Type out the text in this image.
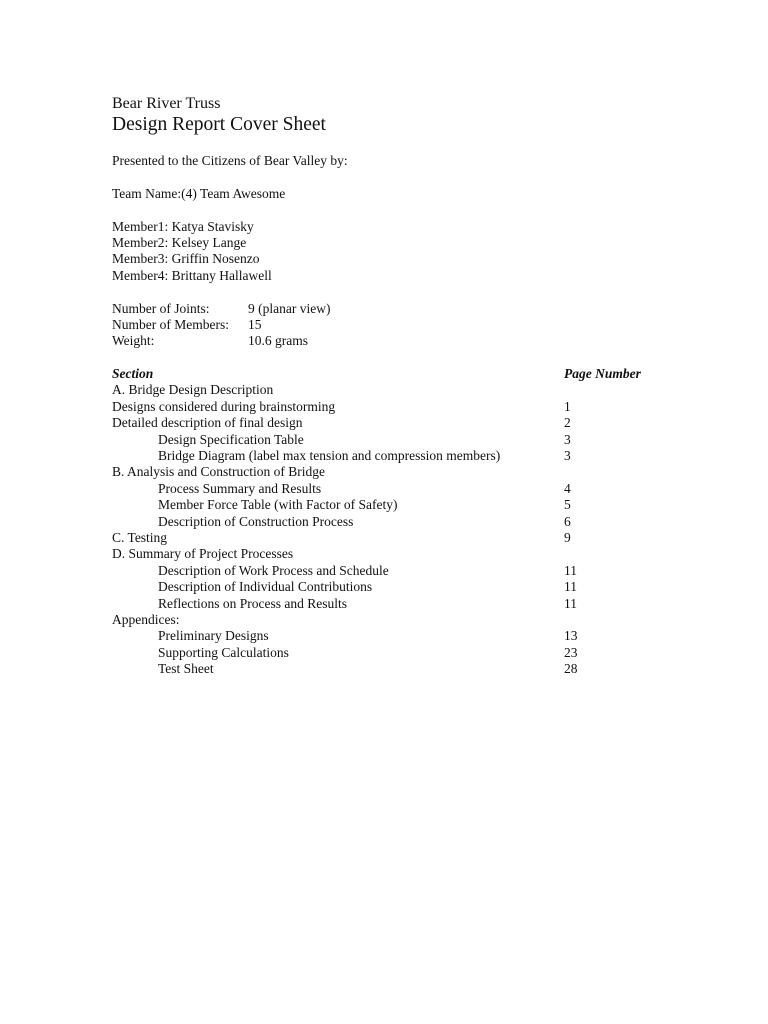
Bear River Truss
Design Report Cover Sheet
Presented to the Citizens of Bear Valley by:
Team Name:(4) Team Awesome
Member1: Katya Stavisky
Member2: Kelsey Lange
Member3: Griffin Nosenzo
Member4: Brittany Hallawell
Number of Joints:	9 (planar view)
Number of Members: 15
Weight:	10.6 grams
Section	Page Number
A. Bridge Design Description
Designs considered during brainstorming	1
Detailed description of final design	2
Design Specification Table	3
Bridge Diagram (label max tension and compression members)	3
B. Analysis and Construction of Bridge
Process Summary and Results	4
Member Force Table (with Factor of Safety)	5
Description of Construction Process	6
C. Testing	9
D. Summary of Project Processes
Description of Work Process and Schedule	11
Description of Individual Contributions	11
Reflections on Process and Results	11
Appendices:
Preliminary Designs	13
Supporting Calculations	23
Test Sheet	28
